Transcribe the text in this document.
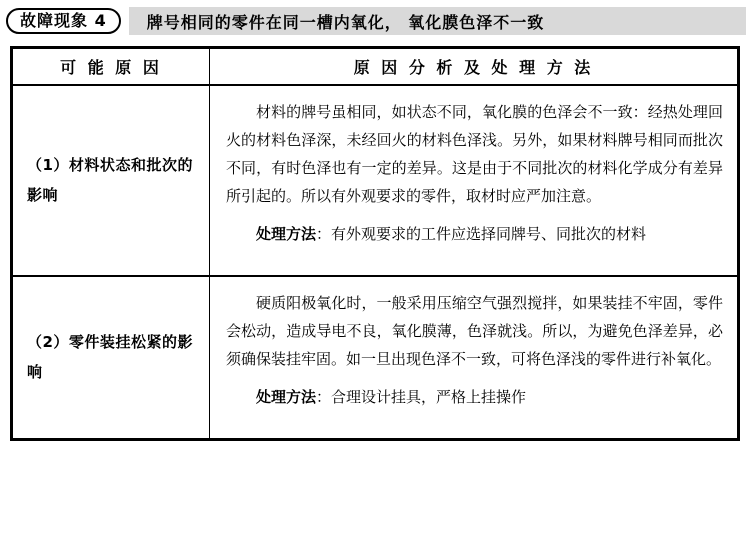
故障现象 4	牌号相同的零件在同一槽内氧化， 氧化膜色泽不一致
可 能 原 因	原 因 分 析 及 处 理 方 法
（1）材料状态和批次的影响	材料的牌号虽相同，如状态不同，氧化膜的色泽会不一致：经热处理回火的材料色泽深，未经回火的材料色泽浅。另外，如果材料牌号相同而批次不同，有时色泽也有一定的差异。这是由于不同批次的材料化学成分有差异所引起的。所以有外观要求的零件，取材时应严加注意。

处理方法：有外观要求的工件应选择同牌号、同批次的材料

（2）零件装挂松紧的影响	硬质阳极氧化时，一般采用压缩空气强烈搅拌，如果装挂不牢固，零件会松动，造成导电不良，氧化膜薄，色泽就浅。所以，为避免色泽差异，必须确保装挂牢固。如一旦出现色泽不一致，可将色泽浅的零件进行补氧化。

处理方法：合理设计挂具，严格上挂操作
